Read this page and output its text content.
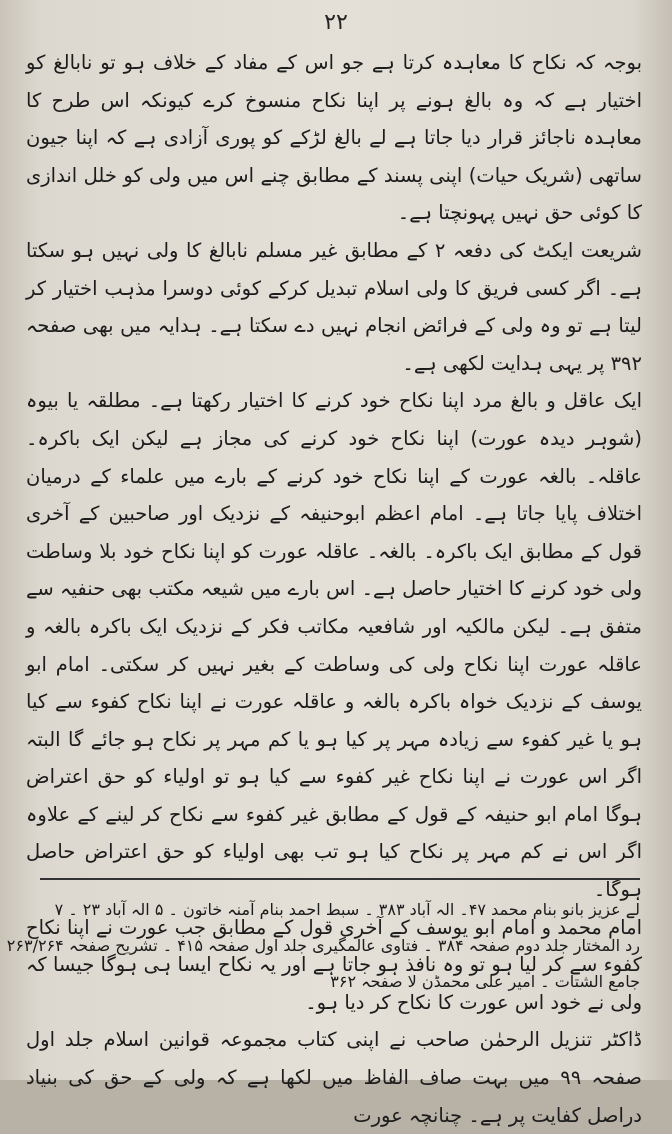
۲۲

بوجہ کہ نکاح کا معاہدہ کرتا ہے جو اس کے مفاد کے خلاف ہو تو نابالغ کو اختیار ہے کہ وہ بالغ ہونے پر اپنا نکاح منسوخ کرے کیونکہ اس طرح کا معاہدہ ناجائز قرار دیا جاتا ہے لے بالغ لڑکے کو پوری آزادی ہے کہ اپنا جیون ساتھی (شریک حیات) اپنی پسند کے مطابق چنے اس میں ولی کو خلل اندازی کا کوئی حق نہیں پہونچتا ہے۔

شریعت ایکٹ کی دفعہ ۲ کے مطابق غیر مسلم نابالغ کا ولی نہیں ہو سکتا ہے۔ اگر کسی فریق کا ولی اسلام تبدیل کرکے کوئی دوسرا مذہب اختیار کر لیتا ہے تو وہ ولی کے فرائض انجام نہیں دے سکتا ہے۔ ہدایہ میں بھی صفحہ ۳۹۲ پر یہی ہدایت لکھی ہے۔

ایک عاقل و بالغ مرد اپنا نکاح خود کرنے کا اختیار رکھتا ہے۔ مطلقہ یا بیوہ (شوہر دیدہ عورت) اپنا نکاح خود کرنے کی مجاز ہے لیکن ایک باکرہ۔ عاقلہ۔ بالغہ عورت کے اپنا نکاح خود کرنے کے بارے میں علماء کے درمیان اختلاف پایا جاتا ہے۔ امام اعظم ابوحنیفہ کے نزدیک اور صاحبین کے آخری قول کے مطابق ایک باکرہ۔ بالغہ۔ عاقلہ عورت کو اپنا نکاح خود بلا وساطت ولی خود کرنے کا اختیار حاصل ہے۔ اس بارے میں شیعہ مکتب بھی حنفیہ سے متفق ہے۔ لیکن مالکیہ اور شافعیہ مکاتب فکر کے نزدیک ایک باکرہ بالغہ و عاقلہ عورت اپنا نکاح ولی کی وساطت کے بغیر نہیں کر سکتی۔ امام ابو یوسف کے نزدیک خواہ باکرہ بالغہ و عاقلہ عورت نے اپنا نکاح کفوء سے کیا ہو یا غیر کفوء سے زیادہ مہر پر کیا ہو یا کم مہر پر نکاح ہو جائے گا البتہ اگر اس عورت نے اپنا نکاح غیر کفوء سے کیا ہو تو اولیاء کو حق اعتراض ہوگا امام ابو حنیفہ کے قول کے مطابق غیر کفوء سے نکاح کر لینے کے علاوہ اگر اس نے کم مہر پر نکاح کیا ہو تب بھی اولیاء کو حق اعتراض حاصل ہوگا۔

امام محمد و امام ابو یوسف کے آخری قول کے مطابق جب عورت نے اپنا نکاح کفوء سے کر لیا ہو تو وہ نافذ ہو جاتا ہے اور یہ نکاح ایسا ہی ہوگا جیسا کہ ولی نے خود اس عورت کا نکاح کر دیا ہو۔

ڈاکٹر تنزیل الرحمٰن صاحب نے اپنی کتاب مجموعہ قوانین اسلام جلد اول صفحہ ۹۹ میں بہت صاف الفاظ میں لکھا ہے کہ ولی کے حق کی بنیاد دراصل کفایت پر ہے۔ چنانچہ عورت

لے عزیز بانو بنام محمد ۴۷۔ الہ آباد ۳۸۳ ۔ سبط احمد بنام آمنہ خاتون ۔ ۵ الہ آباد ۲۳ ۔ ۷

رد المختار جلد دوم صفحہ ۳۸۴ ۔ فتاوی عالمگیری جلد اول صفحہ ۴۱۵ ۔ تشریح صفحہ ۲۶۳/۲۶۴

جامع الشتات ۔ امیر علی محمڈن لا صفحہ ۳۶۲
